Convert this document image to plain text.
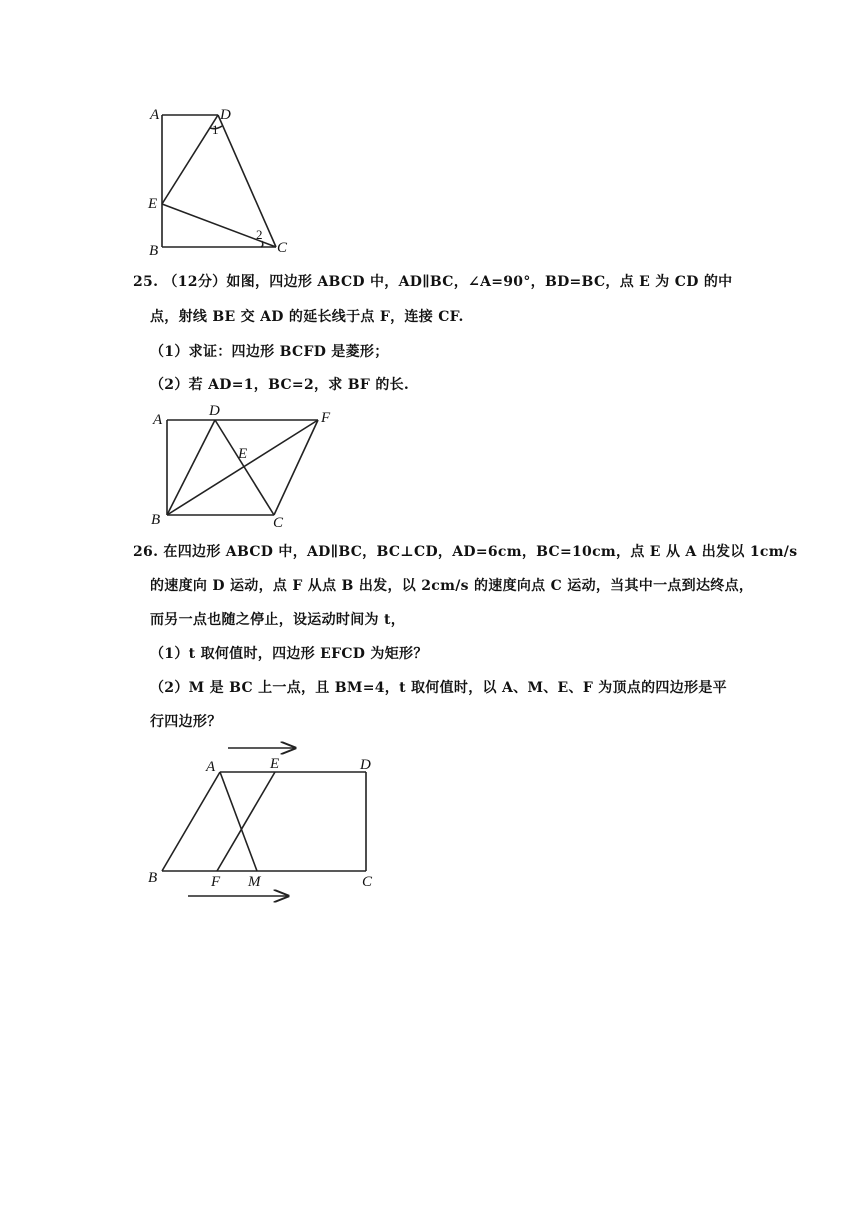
A	D
E
B	C
1
2
25. （12分）如图，四边形 ABCD 中，AD∥BC，∠A=90°，BD=BC，点 E 为 CD 的中
点，射线 BE 交 AD 的延长线于点 F，连接 CF.
（1）求证：四边形 BCFD 是菱形；
（2）若 AD=1，BC=2，求 BF 的长.
A
D	F
E
B	C
26. 在四边形 ABCD 中，AD∥BC，BC⊥CD，AD=6cm，BC=10cm，点 E 从 A 出发以 1cm/s
的速度向 D 运动，点 F 从点 B 出发，以 2cm/s 的速度向点 C 运动，当其中一点到达终点，
而另一点也随之停止，设运动时间为 t，
（1）t 取何值时，四边形 EFCD 为矩形？
（2）M 是 BC 上一点，且 BM=4，t 取何值时，以 A、M、E、F 为顶点的四边形是平
行四边形？
A	E	D
B	F M	C
